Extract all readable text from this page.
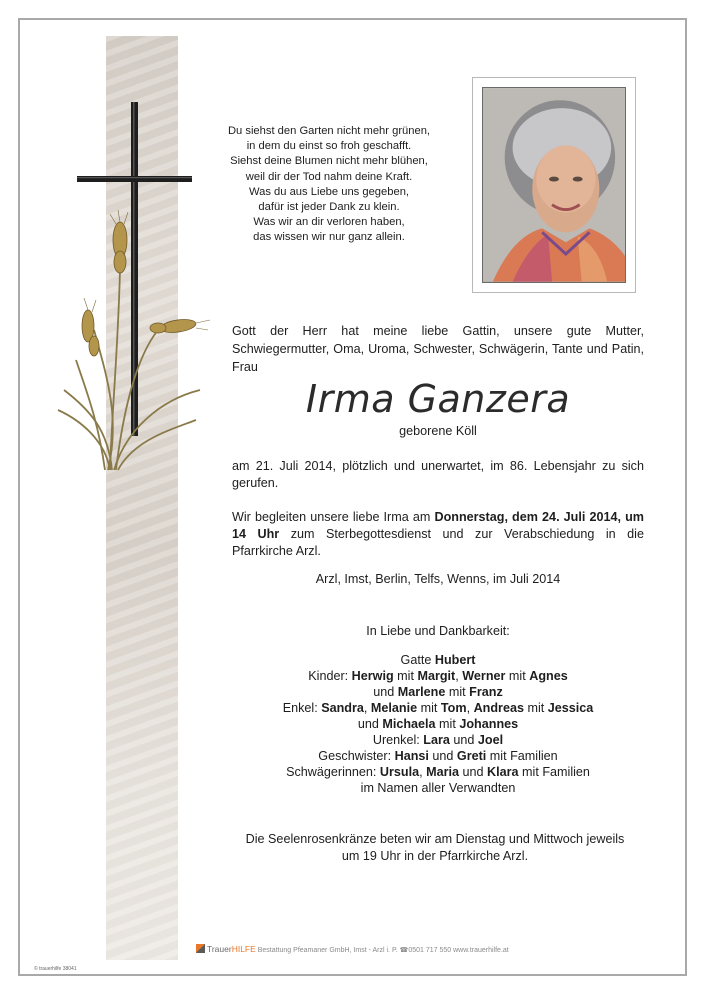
Du siehst den Garten nicht mehr grünen,
in dem du einst so froh geschafft.
Siehst deine Blumen nicht mehr blühen,
weil dir der Tod nahm deine Kraft.
Was du aus Liebe uns gegeben,
dafür ist jeder Dank zu klein.
Was wir an dir verloren haben,
das wissen wir nur ganz allein.

Gott der Herr hat meine liebe Gattin, unsere gute Mutter, Schwiegermutter, Oma, Uroma, Schwester, Schwägerin, Tante und Patin, Frau

Irma Ganzera

geborene Köll

am 21. Juli 2014, plötzlich und unerwartet, im 86. Lebensjahr zu sich gerufen.

Wir begleiten unsere liebe Irma am Donnerstag, dem 24. Juli 2014, um 14 Uhr zum Sterbegottesdienst und zur Verabschiedung in die Pfarrkirche Arzl.

Arzl, Imst, Berlin, Telfs, Wenns, im Juli 2014

In Liebe und Dankbarkeit:

Gatte Hubert
Kinder: Herwig mit Margit, Werner mit Agnes
und Marlene mit Franz
Enkel: Sandra, Melanie mit Tom, Andreas mit Jessica
und Michaela mit Johannes
Urenkel: Lara und Joel
Geschwister: Hansi und Greti mit Familien
Schwägerinnen: Ursula, Maria und Klara mit Familien
im Namen aller Verwandten

Die Seelenrosenkränze beten wir am Dienstag und Mittwoch jeweils
um 19 Uhr in der Pfarrkirche Arzl.

TrauerHILFE Bestattung Pfeamaner GmbH, Imst - Arzl i. P. ☎0501 717 550 www.trauerhilfe.at
© trauerhilfe 38041
